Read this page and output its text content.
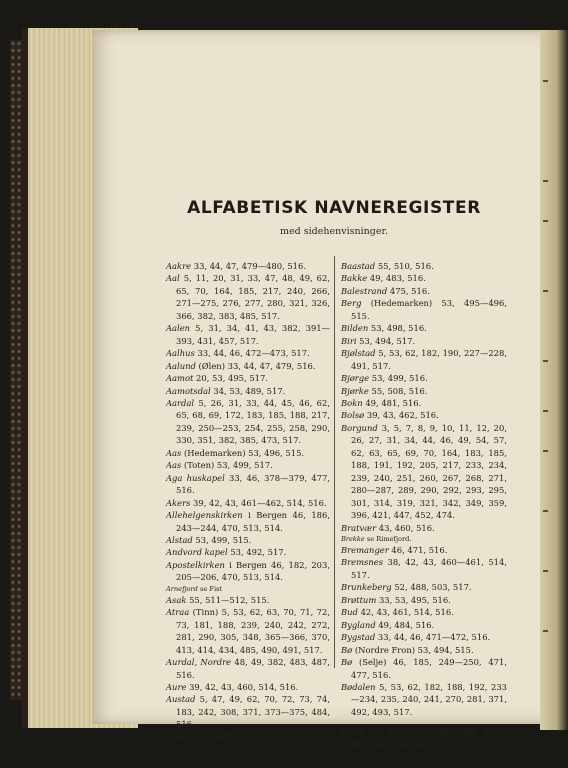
ALFABETISK NAVNEREGISTER
med sidehenvisninger.
Aakre 33, 44, 47, 479—480, 516.
Aal 5, 11, 20, 31, 33, 47, 48, 49, 62, 65, 70, 164, 185, 217, 240, 266, 271—275, 276, 277, 280, 321, 326, 366, 382, 383, 485, 517.
Aalen 5, 31, 34, 41, 43, 382, 391—393, 431, 457, 517.
Aalhus 33, 44, 46, 472—473, 517.
Aalund (Ølen) 33, 44, 47, 479, 516.
Aamot 20, 53, 495, 517.
Aamotsdal 34, 53, 489, 517.
Aardal 5, 26, 31, 33, 44, 45, 46, 62, 65, 68, 69, 172, 183, 185, 188, 217, 239, 250—253, 254, 255, 258, 290, 330, 351, 382, 385, 473, 517.
Aas (Hedemarken) 53, 496, 515.
Aas (Toten) 53, 499, 517.
Aga huskapel 33, 46, 378—379, 477, 516.
Akers 39, 42, 43, 461—462, 514, 516.
Allehelgenskirken i Bergen 46, 186, 243—244, 470, 513, 514.
Alstad 53, 499, 515.
Andvord kapel 53, 492, 517.
Apostelkirken i Bergen 46, 182, 203, 205—206, 470, 513, 514.
Arnefjord se Fist
Asak 55, 511—512, 515.
Atraa (Tinn) 5, 53, 62, 63, 70, 71, 72, 73, 181, 188, 239, 240, 242, 272, 281, 290, 305, 348, 365—366, 370, 413, 414, 434, 485, 490, 491, 517.
Aurdal, Nordre 48, 49, 382, 483, 487, 516.
Aure 39, 42, 43, 460, 514, 516.
Austad 5, 47, 49, 62, 70, 72, 73, 74, 183, 242, 308, 371, 373—375, 484, 516.
Austevold se Sandtorr.
Baastad 55, 510, 516.
Bakke 49, 483, 516.
Balestrand 475, 516.
Berg (Hedemarken) 53, 495—496, 515.
Bilden 53, 498, 516.
Biri 53, 494, 517.
Bjølstad 5, 53, 62, 182, 190, 227—228, 491, 517.
Bjørge 53, 499, 516.
Bjørke 55, 508, 516.
Bokn 49, 481, 516.
Bolsø 39, 43, 462, 516.
Borgund 3, 5, 7, 8, 9, 10, 11, 12, 20, 26, 27, 31, 34, 44, 46, 49, 54, 57, 62, 63, 65, 69, 70, 164, 183, 185, 188, 191, 192, 205, 217, 233, 234, 239, 240, 251, 260, 267, 268, 271, 280—287, 289, 290, 292, 293, 295, 301, 314, 319, 321, 342, 349, 359, 396, 421, 447, 452, 474.
Bratvær 43, 460, 516.
Brekke se Rimefjord.
Bremanger 46, 471, 516.
Bremsnes 38, 42, 43, 460—461, 514, 517.
Brunkeberg 52, 488, 503, 517.
Brøttum 33, 53, 495, 516.
Bud 42, 43, 461, 514, 516.
Bygland 49, 484, 516.
Bygstad 33, 44, 46, 471—472, 516.
Bø (Nordre Fron) 53, 494, 515.
Bø (Selje) 46, 185, 249—250, 471, 477, 516.
Bødalen 5, 53, 62, 182, 188, 192, 233—234, 235, 240, 241, 270, 281, 371, 492, 493, 517.
Dal 5, 53, 62, 70, 72, 366, 389, 413—414, 490, 491, 517.
